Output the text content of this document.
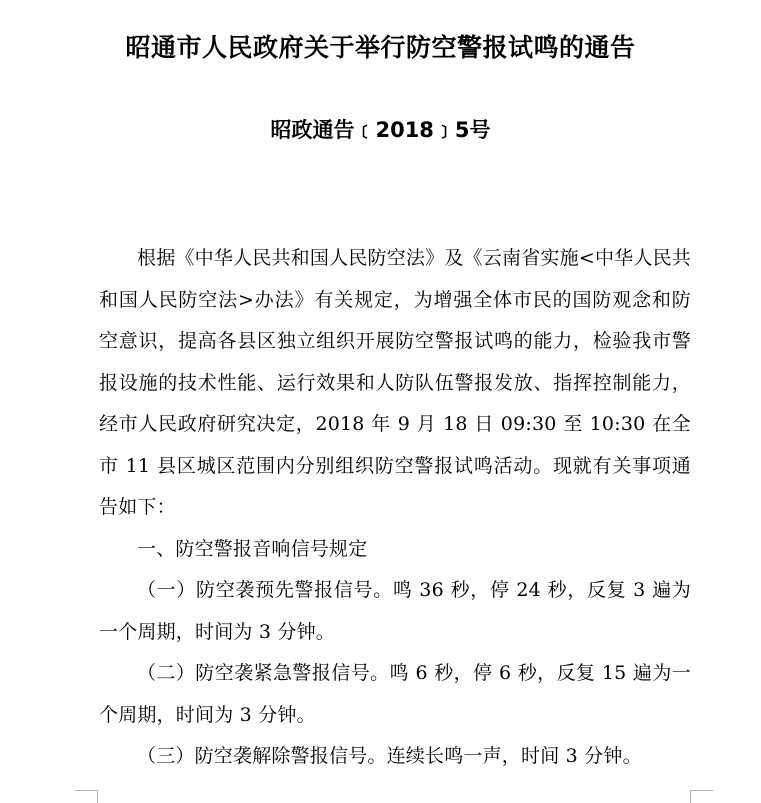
昭通市人民政府关于举行防空警报试鸣的通告
昭政通告﹝2018﹞5号

根据《中华人民共和国人民防空法》及《云南省实施<中华人民共和国人民防空法>办法》有关规定，为增强全体市民的国防观念和防空意识，提高各县区独立组织开展防空警报试鸣的能力，检验我市警报设施的技术性能、运行效果和人防队伍警报发放、指挥控制能力，经市人民政府研究决定，2018 年 9 月 18 日 09:30 至 10:30 在全市 11 县区城区范围内分别组织防空警报试鸣活动。现就有关事项通告如下：

一、防空警报音响信号规定

（一）防空袭预先警报信号。鸣 36 秒，停 24 秒，反复 3 遍为一个周期，时间为 3 分钟。

（二）防空袭紧急警报信号。鸣 6 秒，停 6 秒，反复 15 遍为一个周期，时间为 3 分钟。

（三）防空袭解除警报信号。连续长鸣一声，时间 3 分钟。
